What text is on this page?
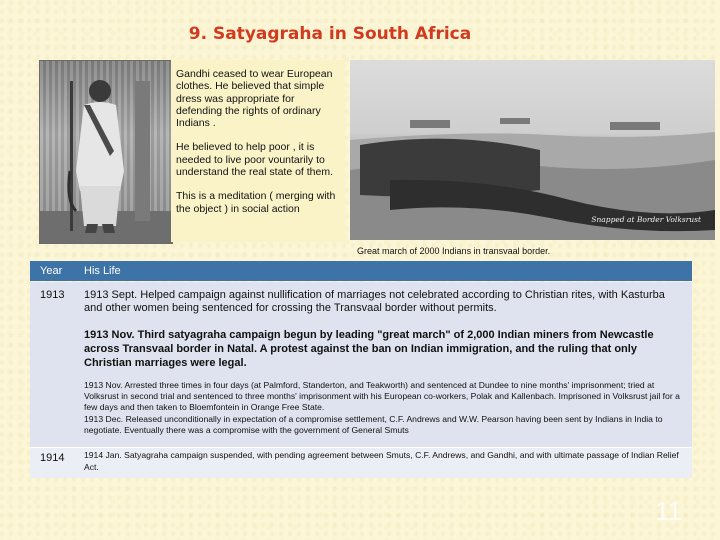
9. Satyagraha in South Africa

Gandhi ceased to wear European clothes. He believed that simple dress was appropriate for defending the rights of ordinary Indians .

He believed to help poor , it is needed to live poor vountarily to understand the real state of them.

This is a meditation ( merging with the object ) in social action

Snapped at Border Volksrust
Great march of 2000 Indians in transvaal border.
Year His Life
1913 1913 Sept. Helped campaign against nullification of marriages not celebrated according to Christian rites, with Kasturba and other women being sentenced for crossing the Transvaal border without permits.
1913 Nov. Third satyagraha campaign begun by leading "great march" of 2,000 Indian miners from Newcastle across Transvaal border in Natal. A protest against the ban on Indian immigration, and the ruling that only Christian marriages were legal.
1913 Nov. Arrested three times in four days (at Palmford, Standerton, and Teakworth) and sentenced at Dundee to nine months' imprisonment; tried at Volksrust in second trial and sentenced to three months' imprisonment with his European co-workers, Polak and Kallenbach. Imprisoned in Volksrust jail for a few days and then taken to Bloemfontein in Orange Free State.
1913 Dec. Released unconditionally in expectation of a compromise settlement, C.F. Andrews and W.W. Pearson having been sent by Indians in India to negotiate. Eventually there was a compromise with the government of General Smuts
1914 1914 Jan. Satyagraha campaign suspended, with pending agreement between Smuts, C.F. Andrews, and Gandhi, and with ultimate passage of Indian Relief Act.
11
